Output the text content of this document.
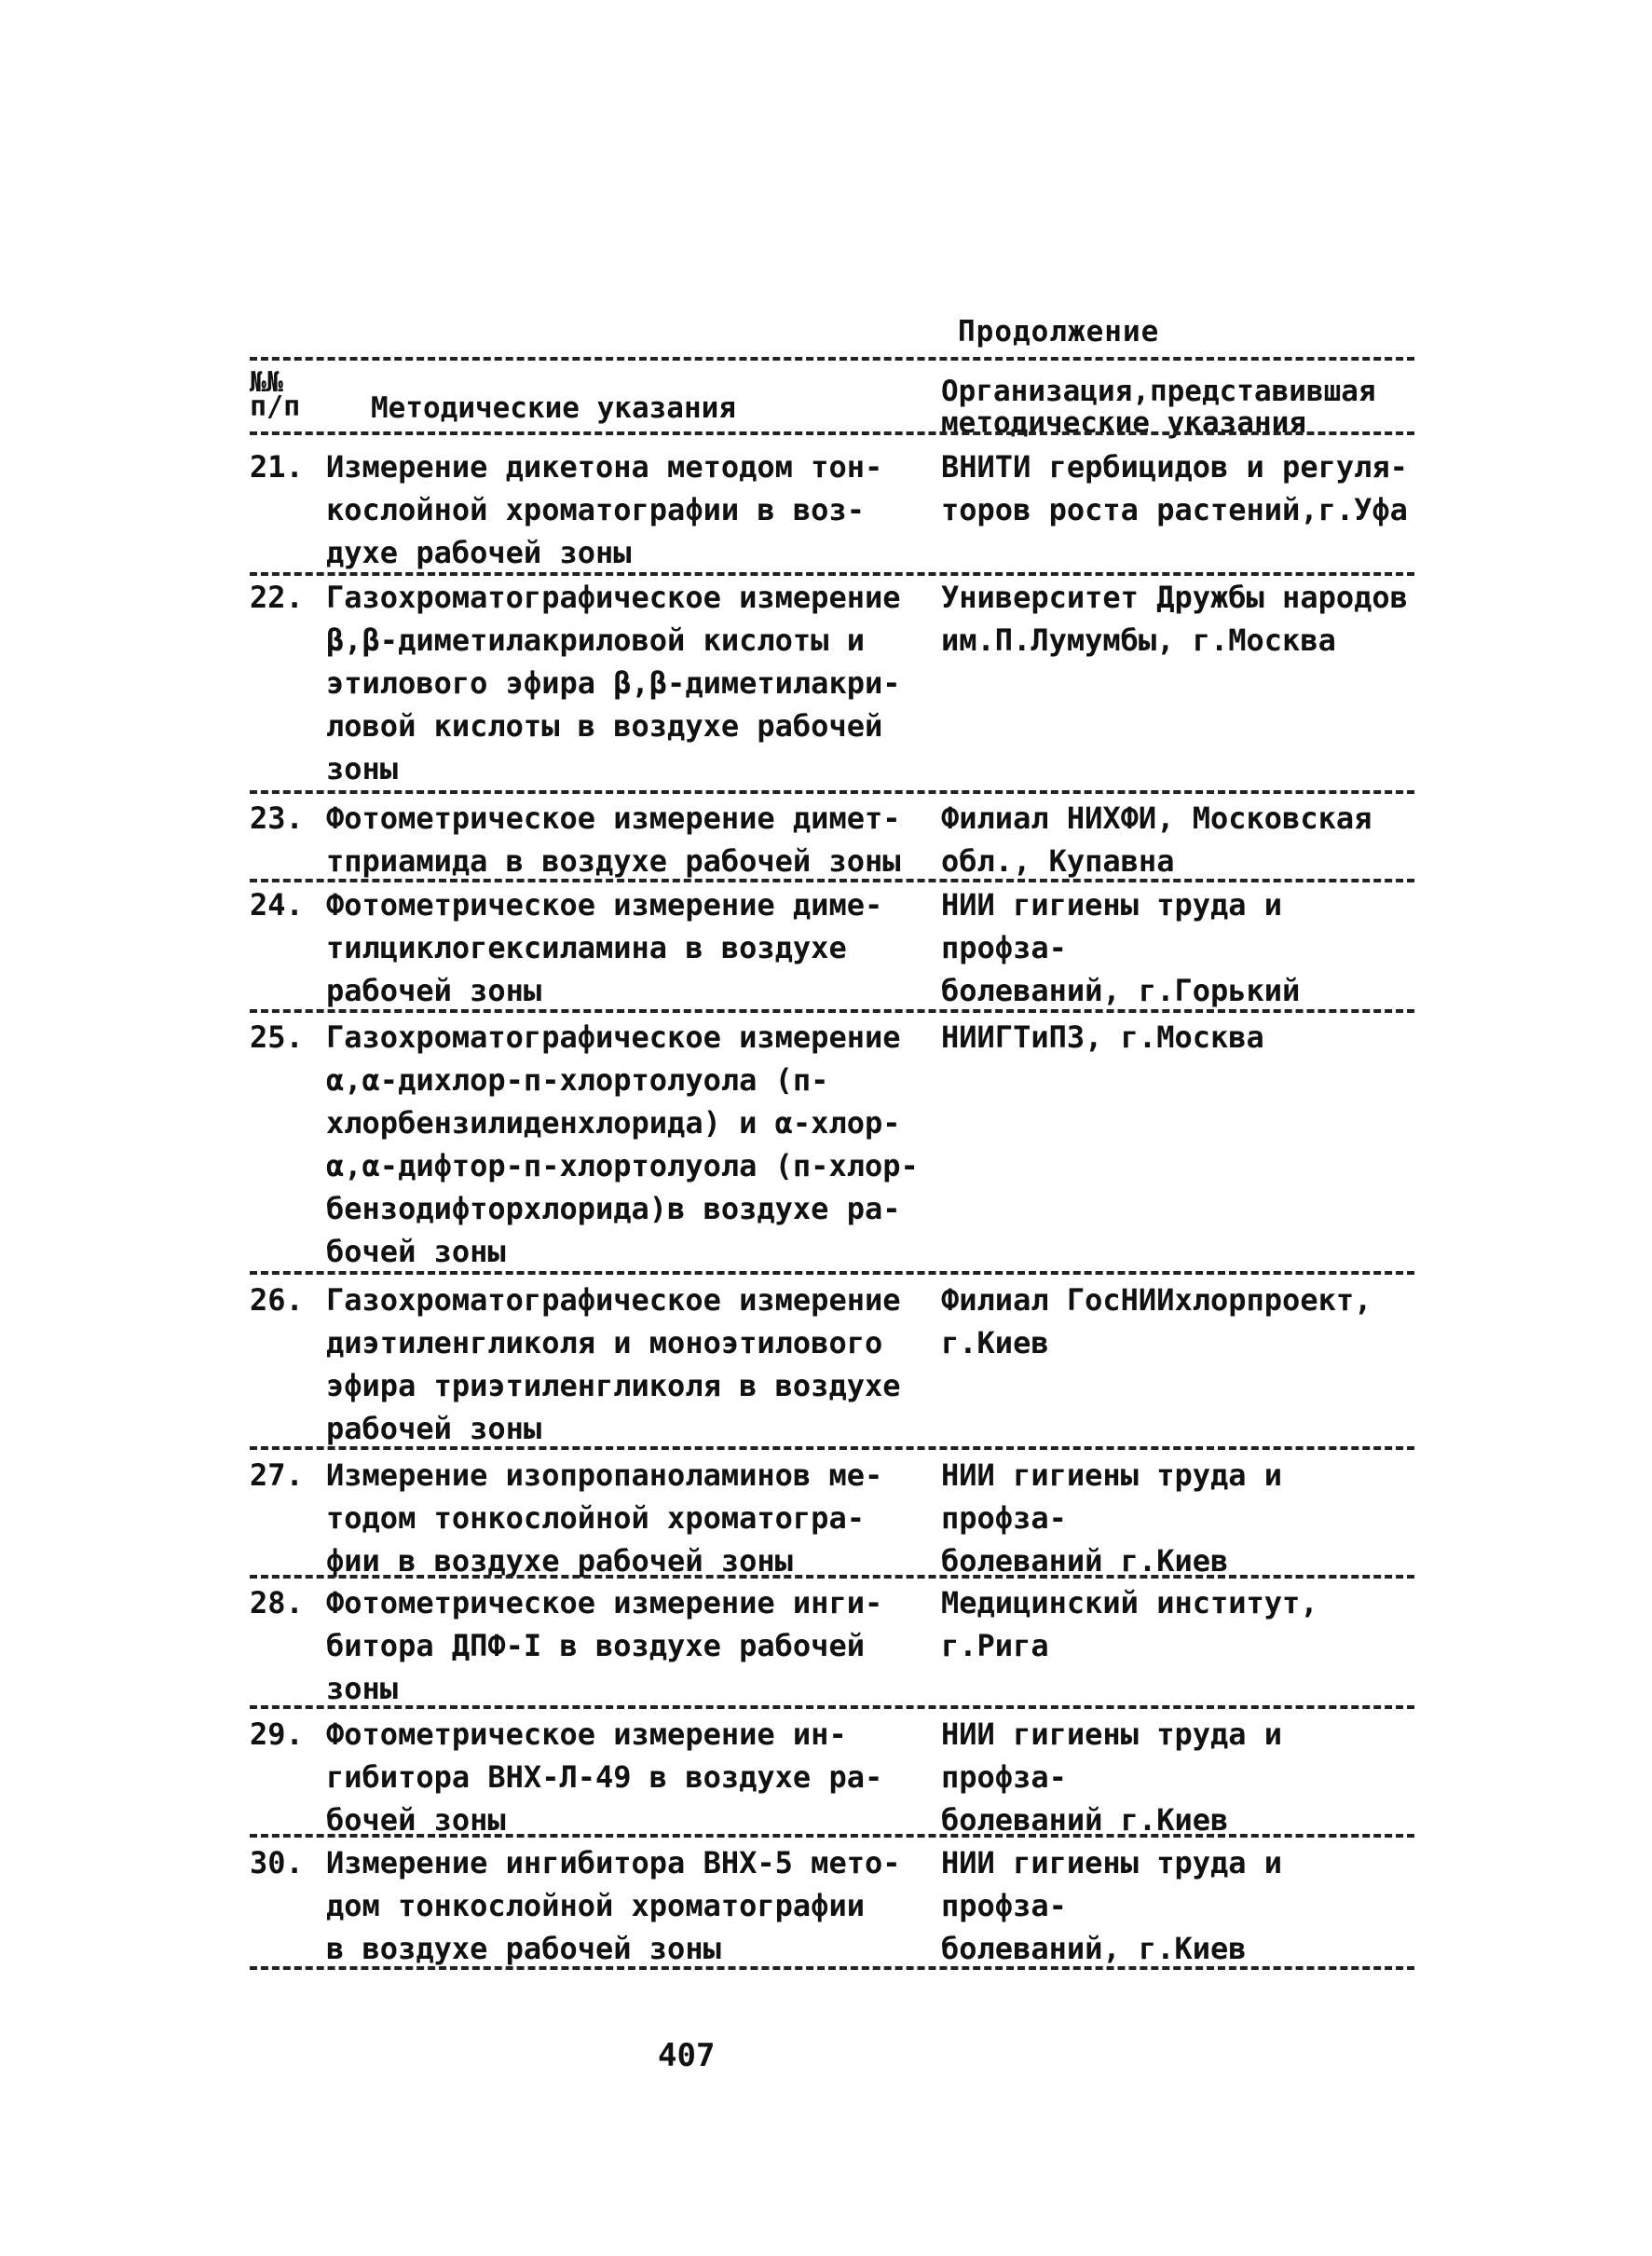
Продолжение
№№
п/п Методические указания	Организация,представившая
методические указания
21. Измерение дикетона методом тон-
кослойной хроматографии в воз-
духе рабочей зоны
ВНИТИ гербицидов и регуля-
торов роста растений,г.Уфа
22. Газохроматографическое измерение
β,β-диметилакриловой кислоты и
этилового эфира β,β-диметилакри-
ловой кислоты в воздухе рабочей
зоны
Университет Дружбы народов
им.П.Лумумбы, г.Москва
23. Фотометрическое измерение димет-
тприамида в воздухе рабочей зоны
Филиал НИХФИ, Московская
обл., Купавна
24. Фотометрическое измерение диме-
тилциклогексиламина в воздухе
рабочей зоны
НИИ гигиены труда и профза-
болеваний, г.Горький
25. Газохроматографическое измерение
α,α-дихлор-п-хлортолуола (п-
хлорбензилиденхлорида) и α-хлор-
α,α-дифтор-п-хлортолуола (п-хлор-
бензодифторхлорида)в воздухе ра-
бочей зоны
НИИГТиПЗ, г.Москва
26. Газохроматографическое измерение
диэтиленгликоля и моноэтилового
эфира триэтиленгликоля в воздухе
рабочей зоны
Филиал ГосНИИхлорпроект,
г.Киев
27. Измерение изопропаноламинов ме-
тодом тонкослойной хроматогра-
фии в воздухе рабочей зоны
НИИ гигиены труда и профза-
болеваний г.Киев
28. Фотометрическое измерение инги-
битора ДПФ-I в воздухе рабочей
зоны
Медицинский институт,
г.Рига
29. Фотометрическое измерение ин-
гибитора ВНХ-Л-49 в воздухе ра-
бочей зоны
НИИ гигиены труда и профза-
болеваний г.Киев
30. Измерение ингибитора ВНХ-5 мето-
дом тонкослойной хроматографии
в воздухе рабочей зоны
НИИ гигиены труда и профза-
болеваний, г.Киев
407
